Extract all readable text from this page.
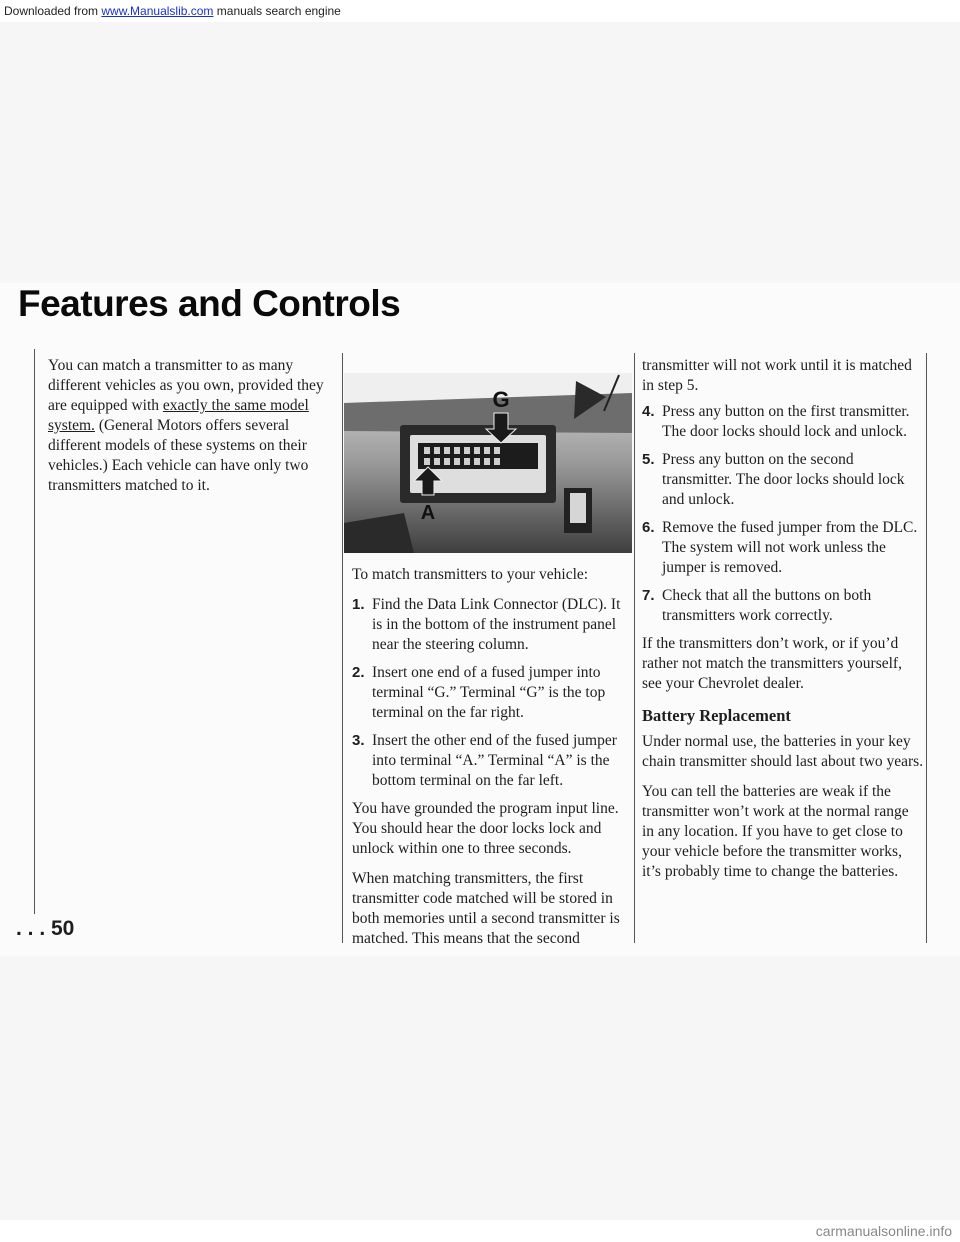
Downloaded from www.Manualslib.com manuals search engine
Features and Controls

You can match a transmitter to as many different vehicles as you own, provided they are equipped with exactly the same model system. (General Motors offers several different models of these systems on their vehicles.) Each vehicle can have only two transmitters matched to it.

G
A

To match transmitters to your vehicle:

1. Find the Data Link Connector (DLC). It is in the bottom of the instrument panel near the steering column.
2. Insert one end of a fused jumper into terminal “G.” Terminal “G” is the top terminal on the far right.
3. Insert the other end of the fused jumper into terminal “A.” Terminal “A” is the bottom terminal on the far left.

You have grounded the program input line. You should hear the door locks lock and unlock within one to three seconds.

When matching transmitters, the first transmitter code matched will be stored in both memories until a second transmitter is matched. This means that the second

transmitter will not work until it is matched in step 5.

4. Press any button on the first transmitter. The door locks should lock and unlock.
5. Press any button on the second transmitter. The door locks should lock and unlock.
6. Remove the fused jumper from the DLC. The system will not work unless the jumper is removed.
7. Check that all the buttons on both transmitters work correctly.

If the transmitters don’t work, or if you’d rather not match the transmitters yourself, see your Chevrolet dealer.

Battery Replacement

Under normal use, the batteries in your key chain transmitter should last about two years.

You can tell the batteries are weak if the transmitter won’t work at the normal range in any location. If you have to get close to your vehicle before the transmitter works, it’s probably time to change the batteries.

. . . 50
carmanualsonline.info
